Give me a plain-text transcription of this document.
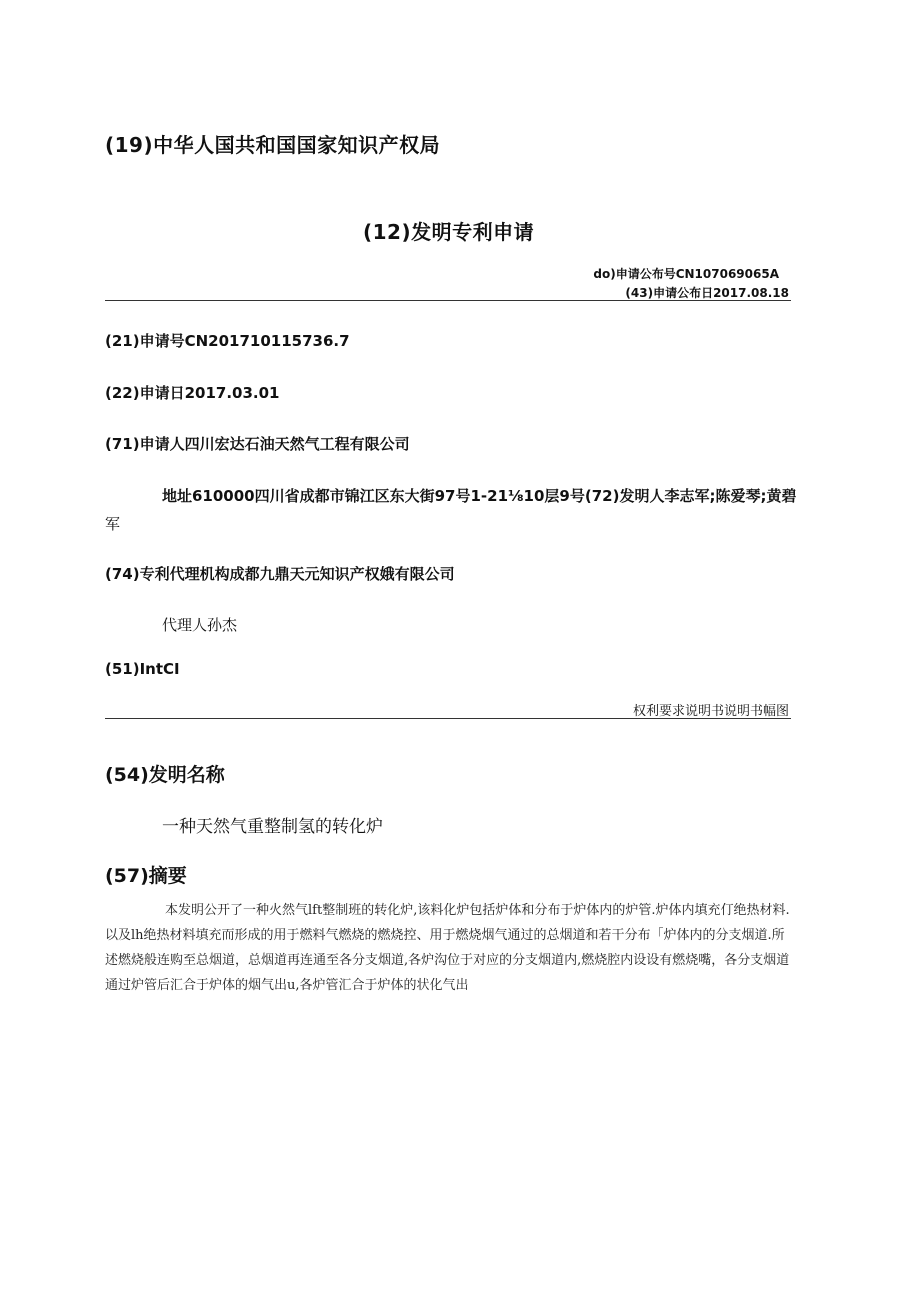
(19)中华人国共和国国家知识产权局
(12)发明专利申请
do)申请公布号CN107069065A
(43)申请公布日2017.08.18
(21)申请号CN201710115736.7
(22)申请日2017.03.01
(71)申请人四川宏达石油天然气工程有限公司
地址610000四川省成都市锦江区东大街97号1-21⅛10层9号(72)发明人李志军;陈爱琴;黄碧
军
(74)专利代理机构成都九鼎天元知识产权娥有限公司
代理人孙杰
(51)IntCI
权利要求说明书说明书幅图
(54)发明名称
一种天然气重整制氢的转化炉
(57)摘要
本发明公开了一种火然气lft整制班的转化炉,该料化炉包括炉体和分布于炉体内的炉管.炉体内填充仃绝热材料.以及lh绝热材料填充而形成的用于燃料气燃烧的燃烧控、用于燃烧烟气通过的总烟道和若干分布「炉体内的分支烟道.所述燃烧般连购至总烟道，总烟道再连通至各分支烟道,各炉沟位于对应的分支烟道内,燃烧腔内设设有燃烧嘴，各分支烟道通过炉管后汇合于炉体的烟气出u,各炉管汇合于炉体的状化气出
